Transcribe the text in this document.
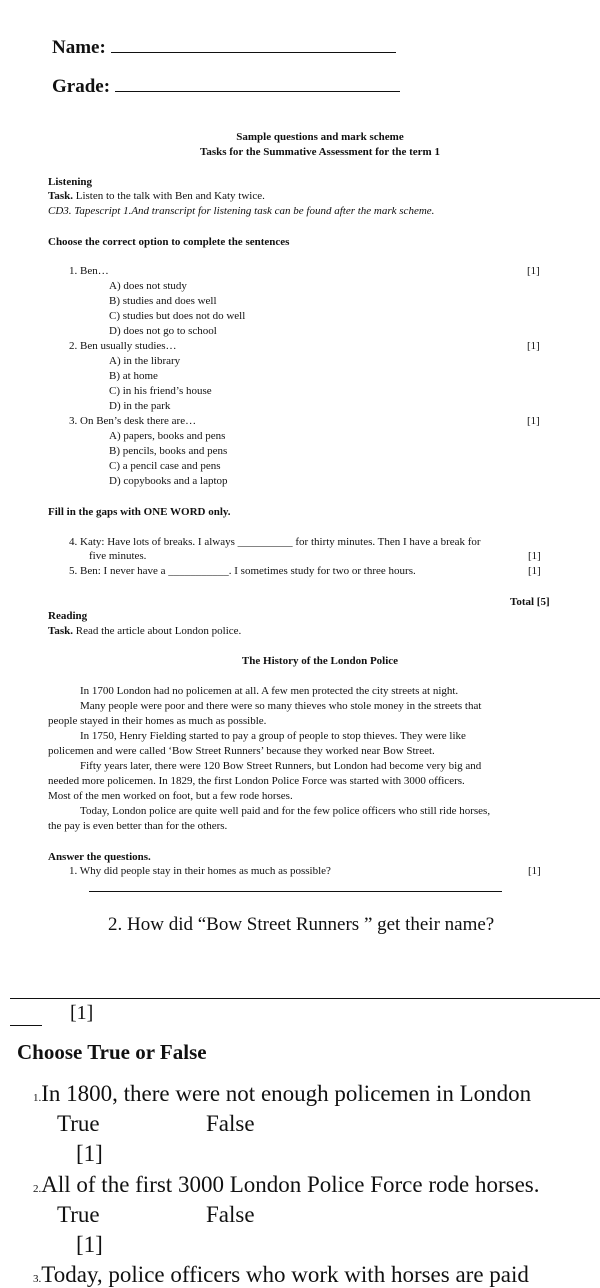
Name:
Grade:
Sample questions and mark scheme
Tasks for the Summative Assessment for the term 1
Listening
Task. Listen to the talk with Ben and Katy twice.
CD3. Tapescript 1.And transcript for listening task can be found after the mark scheme.
Choose the correct option to complete the sentences
1. Ben…	[1]
A) does not study
B) studies and does well
C) studies but does not do well
D) does not go to school
2. Ben usually studies…	[1]
A) in the library
B) at home
C) in his friend’s house
D) in the park
3. On Ben’s desk there are…	[1]
A) papers, books and pens
B) pencils, books and pens
C) a pencil case and pens
D) copybooks and a laptop
Fill in the gaps with ONE WORD only.
4. Katy: Have lots of breaks. I always __________ for thirty minutes. Then I have a break for
five minutes.	[1]
5. Ben: I never have a ___________. I sometimes study for two or three hours.	[1]
Total [5]
Reading
Task. Read the article about London police.
The History of the London Police
In 1700 London had no policemen at all. A few men protected the city streets at night.
Many people were poor and there were so many thieves who stole money in the streets that
people stayed in their homes as much as possible.
In 1750, Henry Fielding started to pay a group of people to stop thieves. They were like
policemen and were called ‘Bow Street Runners’ because they worked near Bow Street.
Fifty years later, there were 120 Bow Street Runners, but London had become very big and
needed more policemen. In 1829, the first London Police Force was started with 3000 officers.
Most of the men worked on foot, but a few rode horses.
Today, London police are quite well paid and for the few police officers who still ride horses,
the pay is even better than for the others.
Answer the questions.
1. Why did people stay in their homes as much as possible?	[1]
2. How did “Bow Street Runners ” get their name?
[1]
Choose True or False
1.In 1800, there were not enough policemen in London
True	False
[1]
2.All of the first 3000 London Police Force rode horses.
True	False
[1]
3.Today, police officers who work with horses are paid
